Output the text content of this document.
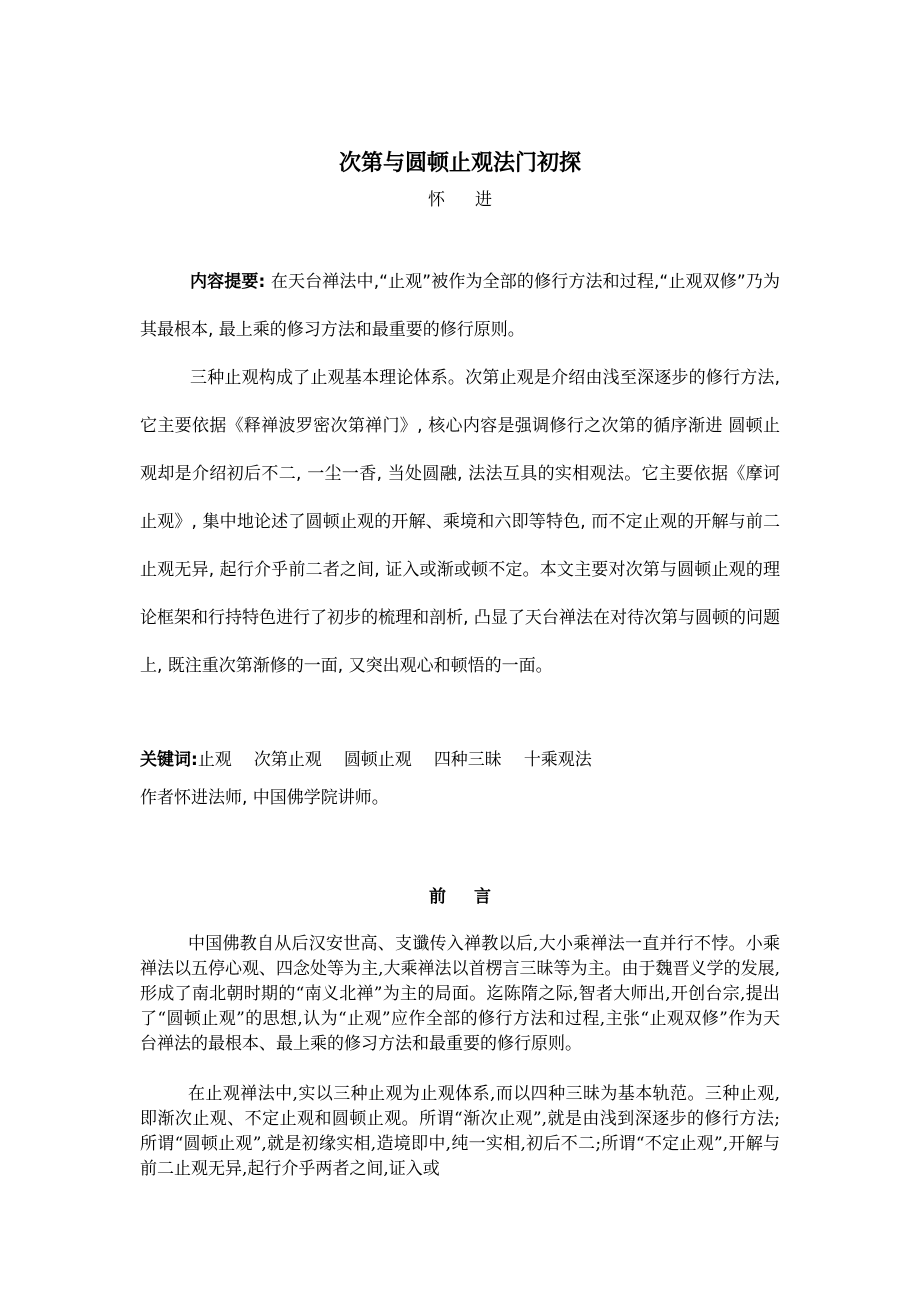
次第与圆顿止观法门初探
怀 进
内容提要: 在天台禅法中,“止观”被作为全部的修行方法和过程,“止观双修”乃为其最根本, 最上乘的修习方法和最重要的修行原则。
三种止观构成了止观基本理论体系。次第止观是介绍由浅至深逐步的修行方法, 它主要依据《释禅波罗密次第禅门》, 核心内容是强调修行之次第的循序渐进 圆顿止观却是介绍初后不二, 一尘一香, 当处圆融, 法法互具的实相观法。它主要依据《摩诃止观》, 集中地论述了圆顿止观的开解、乘境和六即等特色, 而不定止观的开解与前二止观无异, 起行介乎前二者之间, 证入或渐或顿不定。本文主要对次第与圆顿止观的理论框架和行持特色进行了初步的梳理和剖析, 凸显了天台禅法在对待次第与圆顿的问题上, 既注重次第渐修的一面, 又突出观心和顿悟的一面。
关键词:止观 次第止观 圆顿止观 四种三昧 十乘观法
作者怀进法师, 中国佛学院讲师。
前 言
中国佛教自从后汉安世高、支谶传入禅教以后,大小乘禅法一直并行不悖。小乘禅法以五停心观、四念处等为主,大乘禅法以首楞言三昧等为主。由于魏晋义学的发展,形成了南北朝时期的“南义北禅”为主的局面。迄陈隋之际,智者大师出,开创台宗,提出了“圆顿止观”的思想,认为“止观”应作全部的修行方法和过程,主张“止观双修”作为天台禅法的最根本、最上乘的修习方法和最重要的修行原则。
在止观禅法中,实以三种止观为止观体系,而以四种三昧为基本轨范。三种止观,即渐次止观、不定止观和圆顿止观。所谓“渐次止观”,就是由浅到深逐步的修行方法;所谓“圆顿止观”,就是初缘实相,造境即中,纯一实相,初后不二;所谓“不定止观”,开解与前二止观无异,起行介乎两者之间,证入或
